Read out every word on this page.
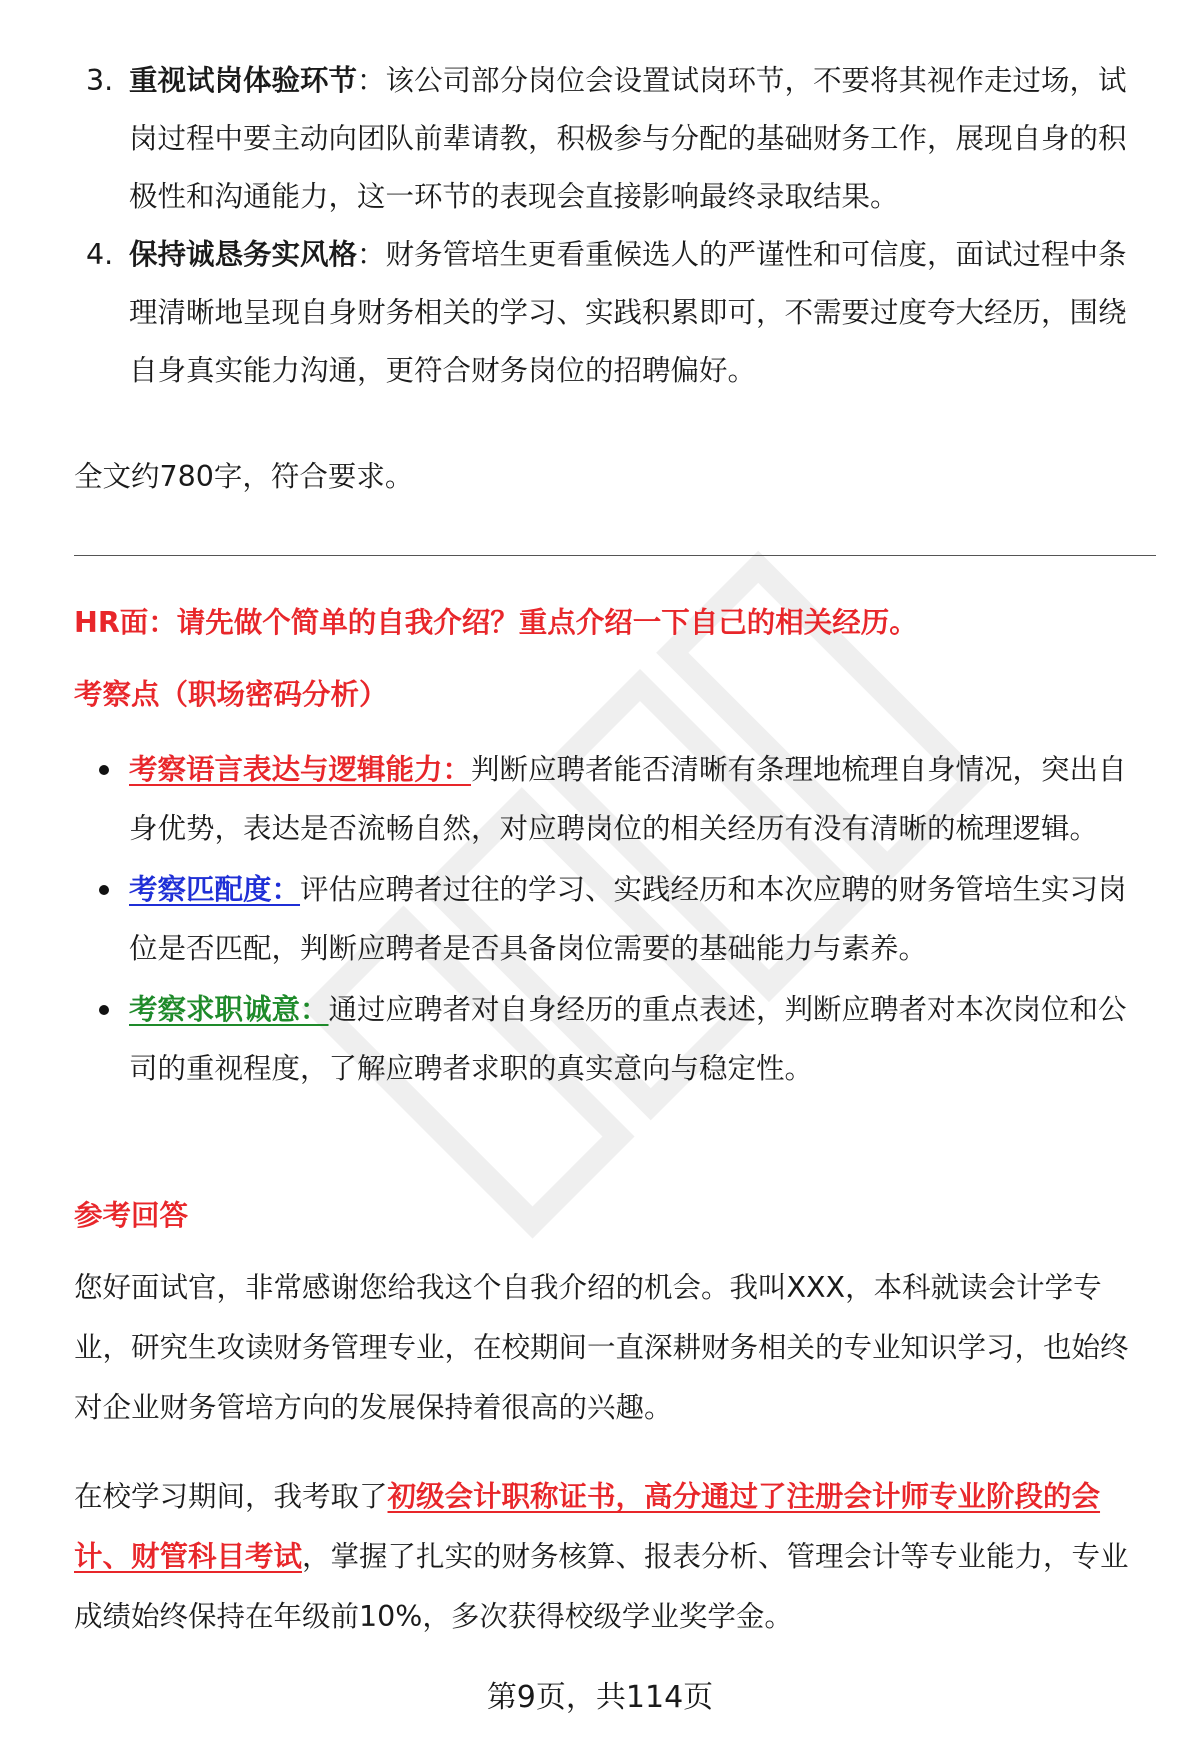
3. 重视试岗体验环节：该公司部分岗位会设置试岗环节，不要将其视作走过场，试岗过程中要主动向团队前辈请教，积极参与分配的基础财务工作，展现自身的积极性和沟通能力，这一环节的表现会直接影响最终录取结果。
4. 保持诚恳务实风格：财务管培生更看重候选人的严谨性和可信度，面试过程中条理清晰地呈现自身财务相关的学习、实践积累即可，不需要过度夸大经历，围绕自身真实能力沟通，更符合财务岗位的招聘偏好。

全文约780字，符合要求。

HR面：请先做个简单的自我介绍？重点介绍一下自己的相关经历。

考察点（职场密码分析）

考察语言表达与逻辑能力：判断应聘者能否清晰有条理地梳理自身情况，突出自身优势，表达是否流畅自然，对应聘岗位的相关经历有没有清晰的梳理逻辑。
考察匹配度：评估应聘者过往的学习、实践经历和本次应聘的财务管培生实习岗位是否匹配，判断应聘者是否具备岗位需要的基础能力与素养。
考察求职诚意：通过应聘者对自身经历的重点表述，判断应聘者对本次岗位和公司的重视程度，了解应聘者求职的真实意向与稳定性。

参考回答

您好面试官，非常感谢您给我这个自我介绍的机会。我叫XXX，本科就读会计学专业，研究生攻读财务管理专业，在校期间一直深耕财务相关的专业知识学习，也始终对企业财务管培方向的发展保持着很高的兴趣。

在校学习期间，我考取了初级会计职称证书，高分通过了注册会计师专业阶段的会计、财管科目考试，掌握了扎实的财务核算、报表分析、管理会计等专业能力，专业成绩始终保持在年级前10%，多次获得校级学业奖学金。

第9页，共114页
